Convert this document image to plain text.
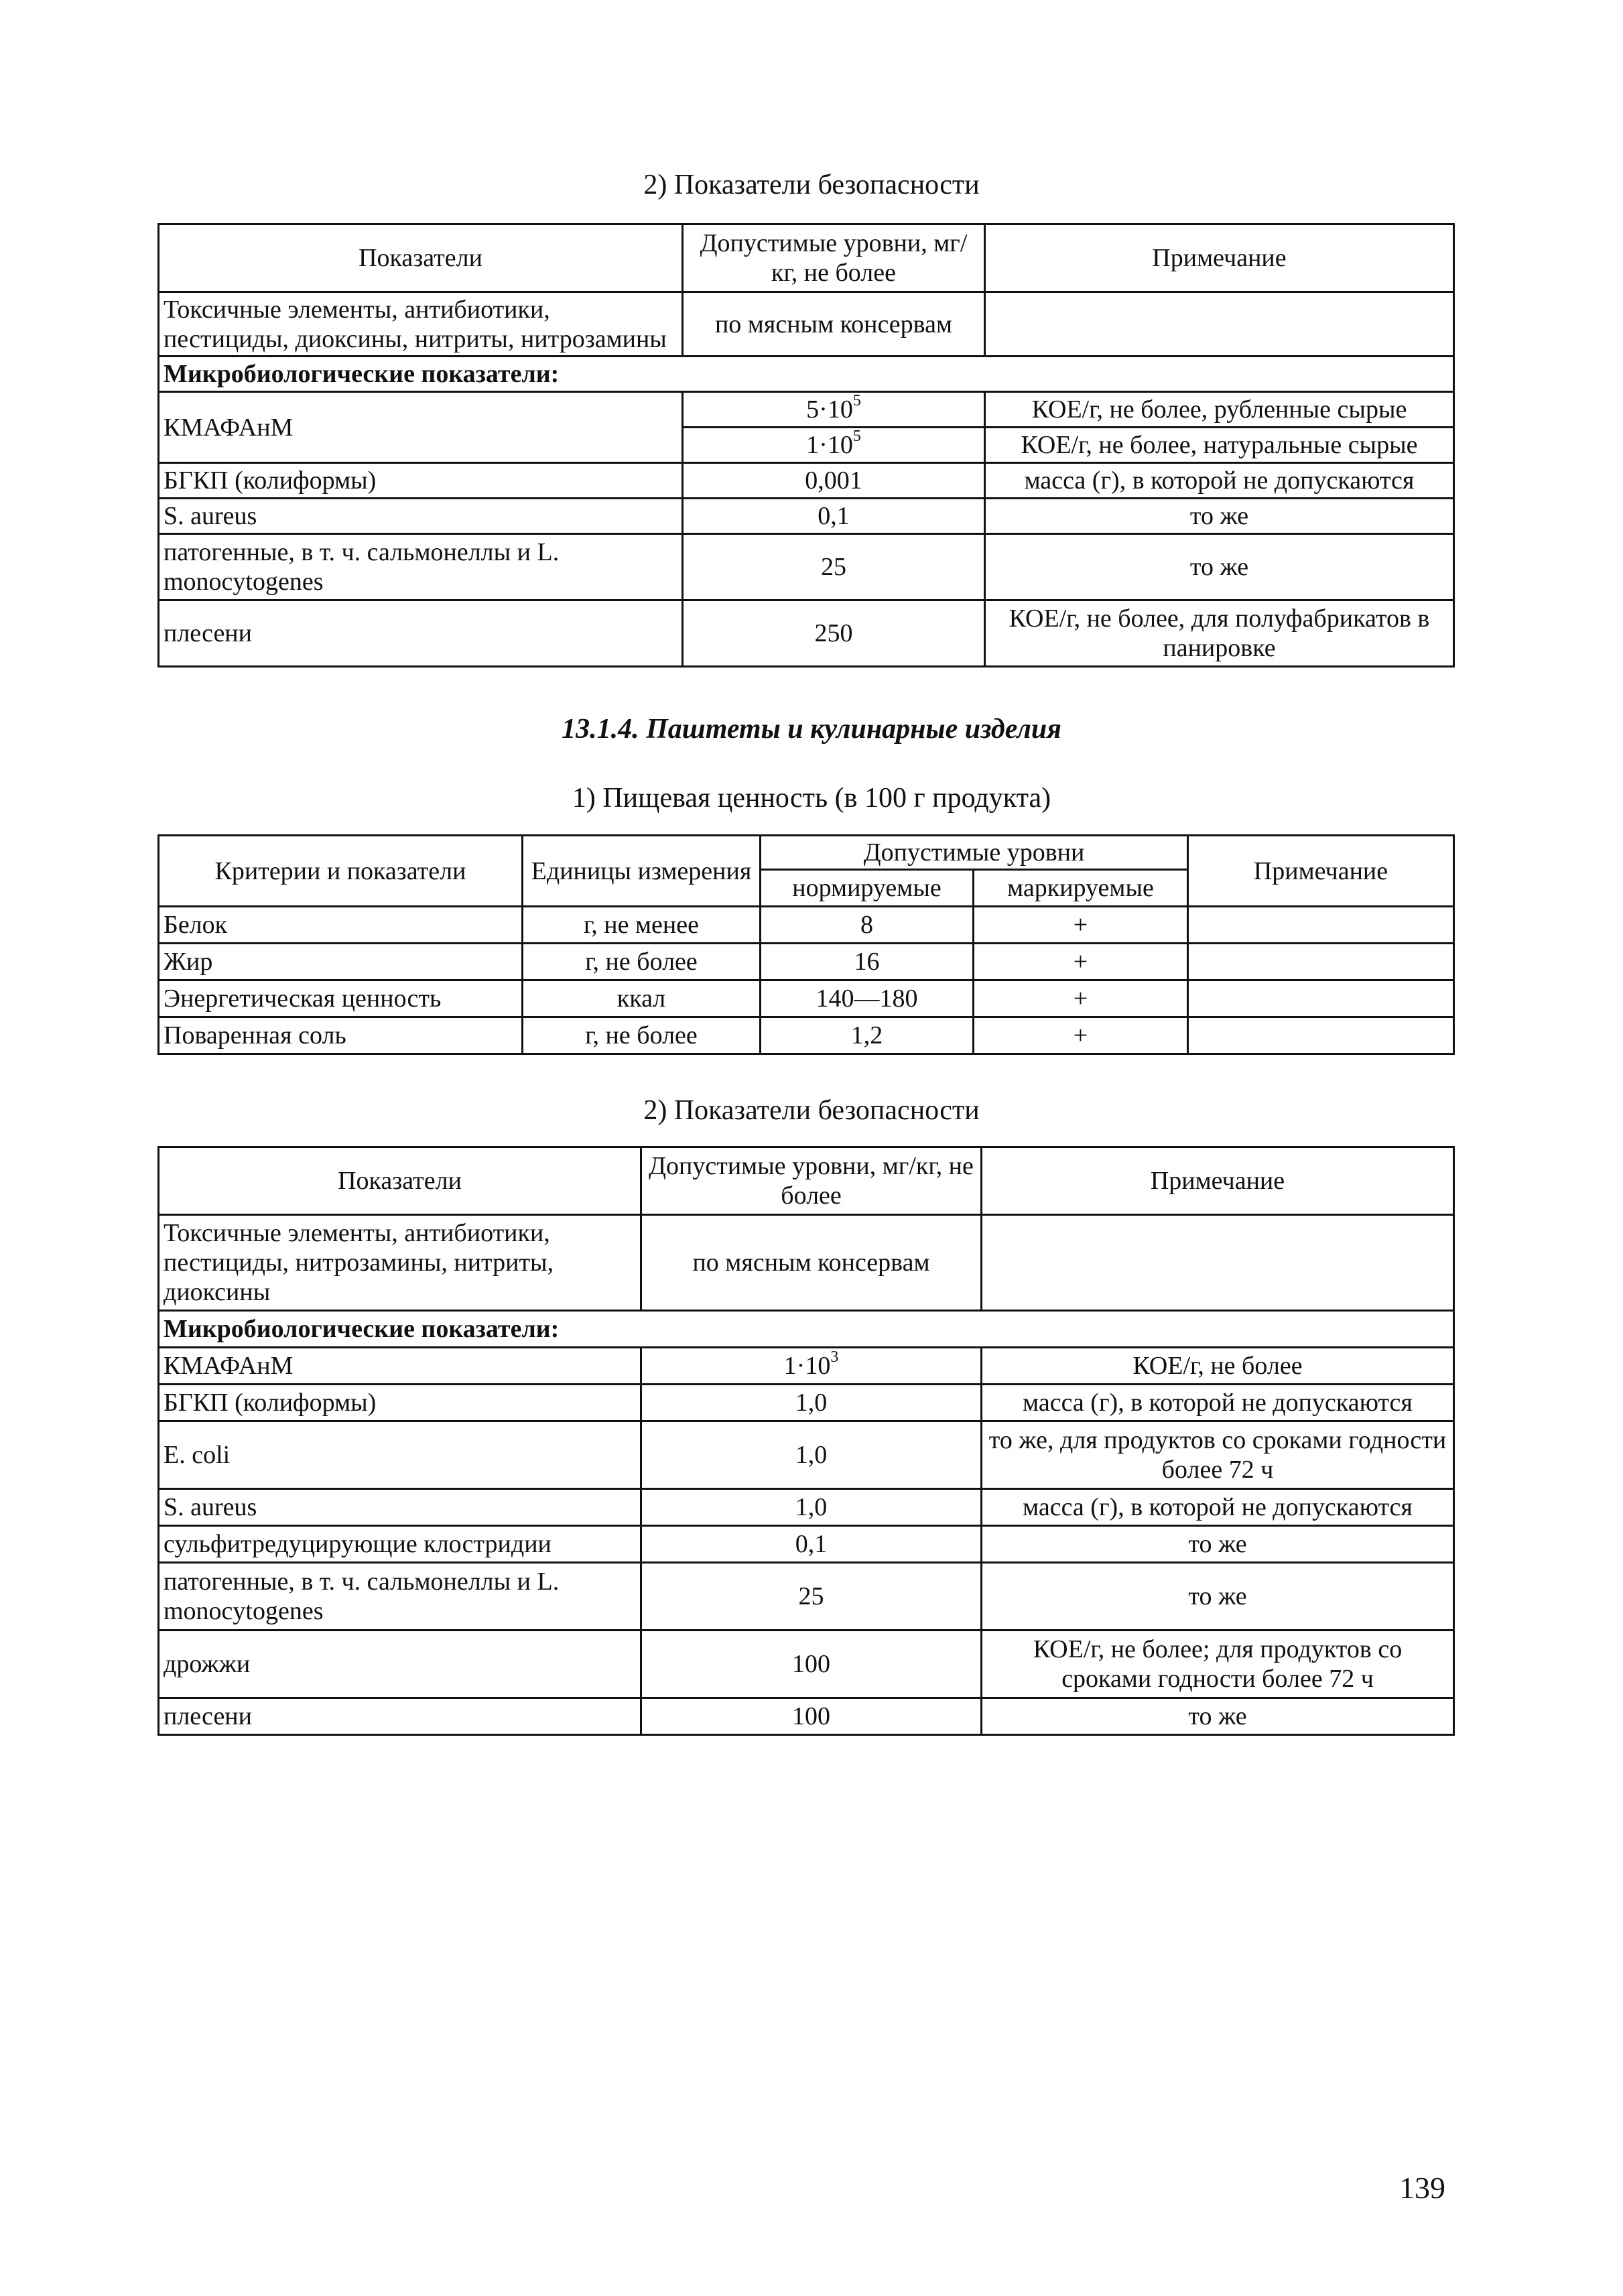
2) Показатели безопасности
Показатели	Допустимые уровни, мг/кг, не более	Примечание
Токсичные элементы, антибиотики, пестициды, диоксины, нитриты, нитрозамины	по мясным консервам	
Микробиологические показатели:		
КМАФАнМ	$5\cdot 10^5$	КОЕ/г, не более, рубленные сырые
	$1\cdot 10^5$	КОЕ/г, не более, натуральные сырые
БГКП (колиформы)	0,001	масса (г), в которой не допускаются
S. aureus	0,1	то же
патогенные, в т. ч. сальмонеллы и L. monocytogenes	25	то же
плесени	250	КОЕ/г, не более, для полуфабрикатов в панировке
13.1.4. Паштеты и кулинарные изделия
1) Пищевая ценность (в 100 г продукта)
Критерии и показатели	Единицы измерения	Допустимые уровни		Примечание
		нормируемые	маркируемые	
Белок	г, не менее	8	+	
Жир	г, не более	16	+	
Энергетическая ценность	ккал	140—180	+	
Поваренная соль	г, не более	1,2	+	
2) Показатели безопасности
Показатели	Допустимые уровни, мг/кг, не более	Примечание
Токсичные элементы, антибиотики, пестициды, нитрозамины, нитриты, диоксины	по мясным консервам	
Микробиологические показатели:		
КМАФАнМ	$1\cdot 10^3$	КОЕ/г, не более
БГКП (колиформы)	1,0	масса (г), в которой не допускаются
E. coli	1,0	то же, для продуктов со сроками годности более 72 ч
S. aureus	1,0	масса (г), в которой не допускаются
сульфитредуцирующие клостридии	0,1	то же
патогенные, в т. ч. сальмонеллы и L. monocytogenes	25	то же
дрожжи	100	КОЕ/г, не более; для продуктов со сроками годности более 72 ч
плесени	100	то же
139
